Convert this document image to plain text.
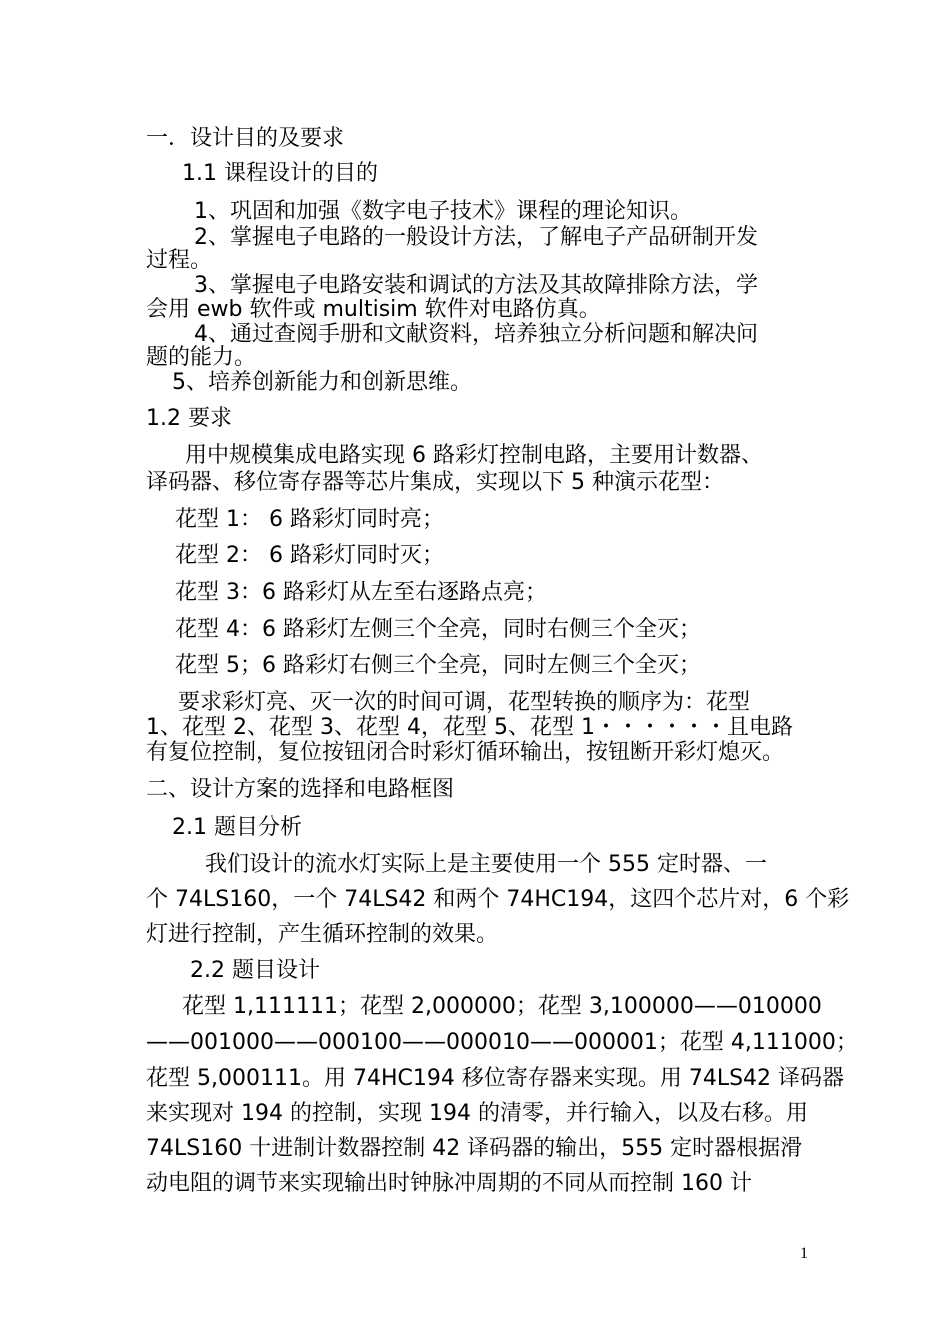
一．设计目的及要求
1.1 课程设计的目的
1、巩固和加强《数字电子技术》课程的理论知识。
2、掌握电子电路的一般设计方法，了解电子产品研制开发
过程。
3、掌握电子电路安装和调试的方法及其故障排除方法，学
会用 ewb 软件或 multisim 软件对电路仿真。
4、通过查阅手册和文献资料，培养独立分析问题和解决问
题的能力。
5、培养创新能力和创新思维。
1.2 要求
用中规模集成电路实现 6 路彩灯控制电路，主要用计数器、
译码器、移位寄存器等芯片集成，实现以下 5 种演示花型：
花型 1： 6 路彩灯同时亮；
花型 2： 6 路彩灯同时灭；
花型 3：6 路彩灯从左至右逐路点亮；
花型 4：6 路彩灯左侧三个全亮，同时右侧三个全灭；
花型 5；6 路彩灯右侧三个全亮，同时左侧三个全灭；
要求彩灯亮、灭一次的时间可调，花型转换的顺序为：花型
1、花型 2、花型 3、花型 4，花型 5、花型 1・・・・・・且电路
有复位控制，复位按钮闭合时彩灯循环输出，按钮断开彩灯熄灭。
二、设计方案的选择和电路框图
2.1 题目分析
我们设计的流水灯实际上是主要使用一个 555 定时器、一
个 74LS160，一个 74LS42 和两个 74HC194，这四个芯片对，6 个彩
灯进行控制，产生循环控制的效果。
2.2 题目设计
花型 1,111111；花型 2,000000；花型 3,100000——010000
——001000——000100——000010——000001；花型 4,111000；
花型 5,000111。用 74HC194 移位寄存器来实现。用 74LS42 译码器
来实现对 194 的控制，实现 194 的清零，并行输入，以及右移。用
74LS160 十进制计数器控制 42 译码器的输出，555 定时器根据滑
动电阻的调节来实现输出时钟脉冲周期的不同从而控制 160 计
1
